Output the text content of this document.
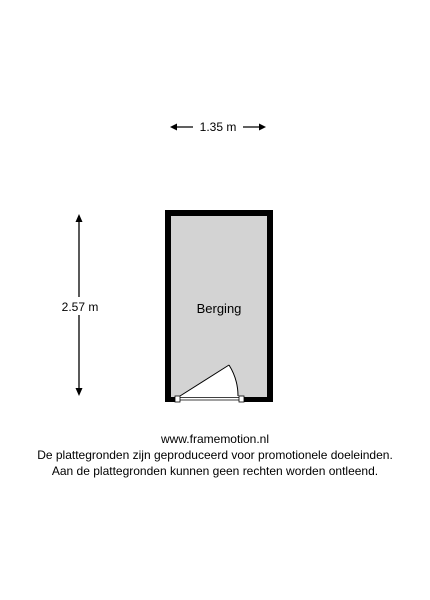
1.35 m
2.57 m	Berging
www.framemotion.nl
De plattegronden zijn geproduceerd voor promotionele doeleinden.
Aan de plattegronden kunnen geen rechten worden ontleend.
